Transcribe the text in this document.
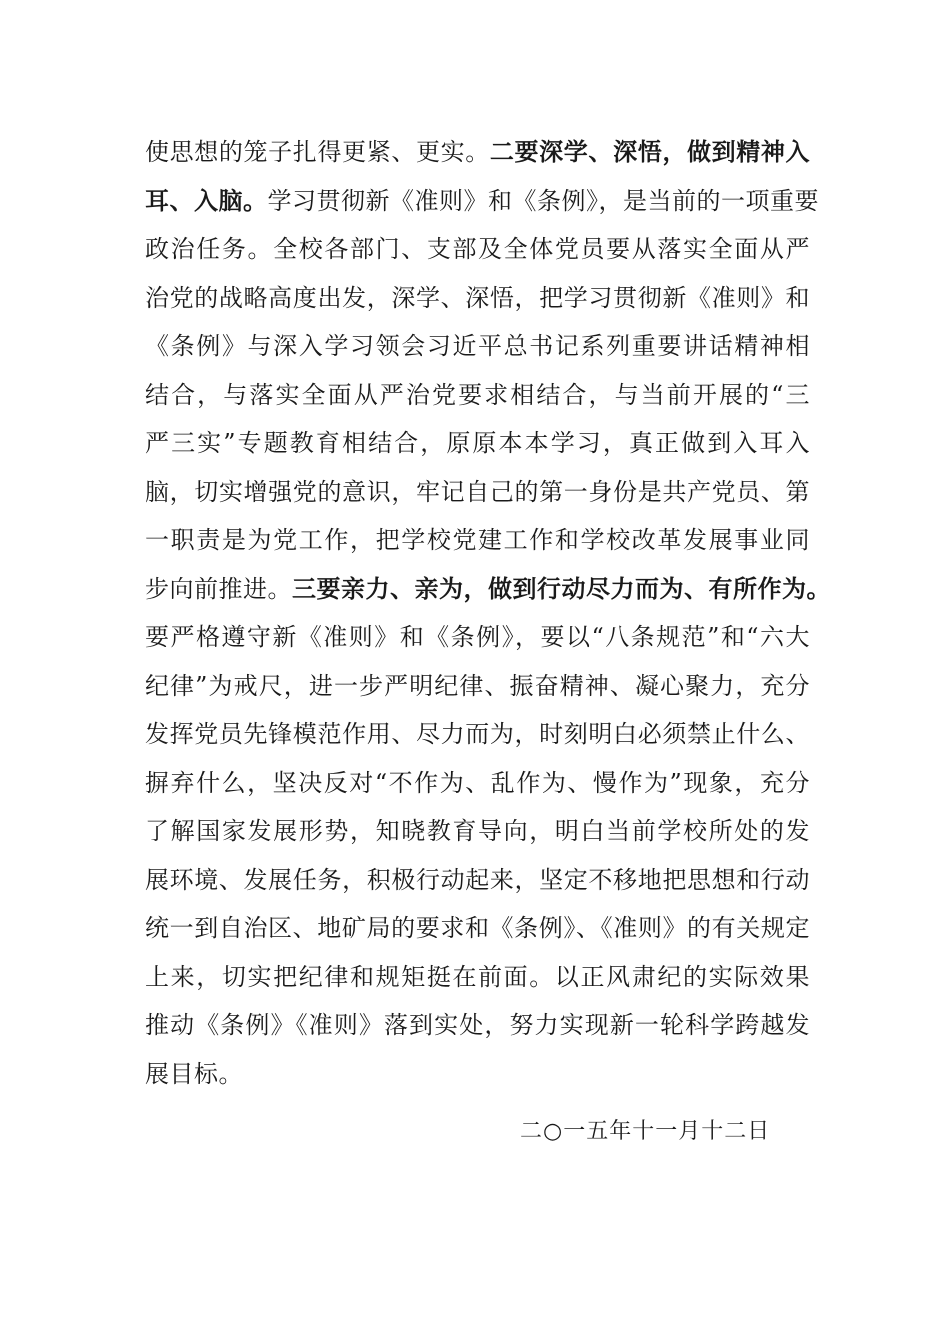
使思想的笼子扎得更紧、更实。二要深学、深悟，做到精神入
耳、入脑。学习贯彻新《准则》和《条例》，是当前的一项重要
政治任务。全校各部门、支部及全体党员要从落实全面从严
治党的战略高度出发，深学、深悟，把学习贯彻新《准则》和
《条例》与深入学习领会习近平总书记系列重要讲话精神相
结合，与落实全面从严治党要求相结合，与当前开展的“三
严三实”专题教育相结合，原原本本学习，真正做到入耳入
脑，切实增强党的意识，牢记自己的第一身份是共产党员、第
一职责是为党工作，把学校党建工作和学校改革发展事业同
步向前推进。三要亲力、亲为，做到行动尽力而为、有所作为。
要严格遵守新《准则》和《条例》，要以“八条规范”和“六大
纪律”为戒尺，进一步严明纪律、振奋精神、凝心聚力，充分
发挥党员先锋模范作用、尽力而为，时刻明白必须禁止什么、
摒弃什么，坚决反对“不作为、乱作为、慢作为”现象，充分
了解国家发展形势，知晓教育导向，明白当前学校所处的发
展环境、发展任务，积极行动起来，坚定不移地把思想和行动
统一到自治区、地矿局的要求和《条例》、《准则》的有关规定
上来，切实把纪律和规矩挺在前面。以正风肃纪的实际效果
推动《条例》《准则》落到实处，努力实现新一轮科学跨越发
展目标。
二○一五年十一月十二日
